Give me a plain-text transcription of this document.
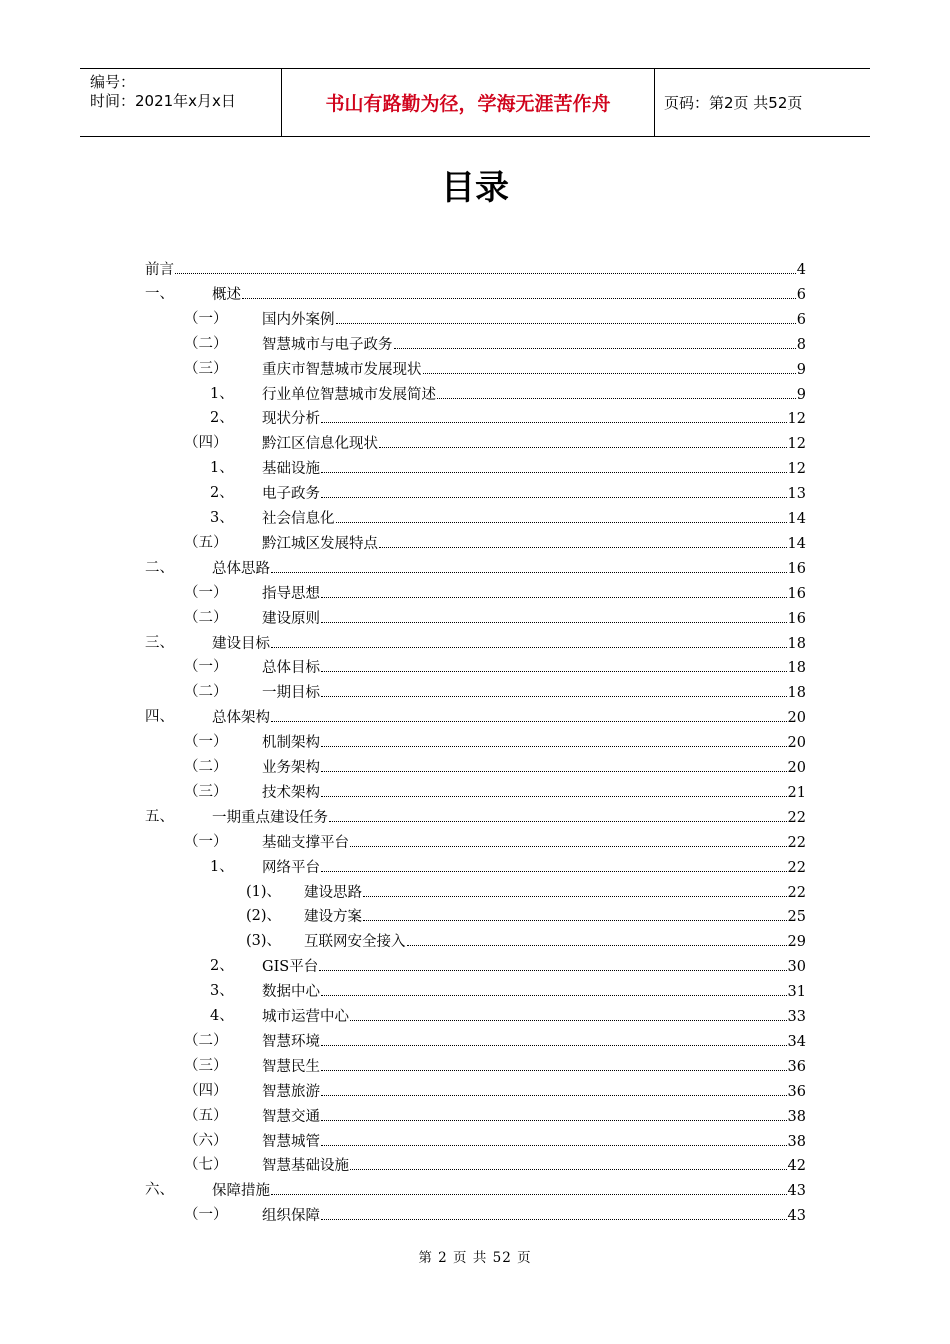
编号：
时间：2021年x月x日	书山有路勤为径，学海无涯苦作舟	页码：第2页 共52页
目录
前言	4
一、	概述	6
（一） 国内外案例	6
（二） 智慧城市与电子政务	8
（三） 重庆市智慧城市发展现状	9
1、 行业单位智慧城市发展简述	9
2、 现状分析	12
（四） 黔江区信息化现状	12
1、 基础设施	12
2、 电子政务	13
3、 社会信息化	14
（五） 黔江城区发展特点	14
二、	总体思路	16
（一） 指导思想	16
（二） 建设原则	16
三、	建设目标	18
（一） 总体目标	18
（二） 一期目标	18
四、	总体架构	20
（一） 机制架构	20
（二） 业务架构	20
（三） 技术架构	21
五、	一期重点建设任务	22
（一） 基础支撑平台	22
1、 网络平台	22
(1)、 建设思路	22
(2)、 建设方案	25
(3)、 互联网安全接入	29
2、 GIS平台	30
3、 数据中心	31
4、 城市运营中心	33
（二） 智慧环境	34
（三） 智慧民生	36
（四） 智慧旅游	36
（五） 智慧交通	38
（六） 智慧城管	38
（七） 智慧基础设施	42
六、	保障措施	43
（一） 组织保障	43
第 2 页 共 52 页
